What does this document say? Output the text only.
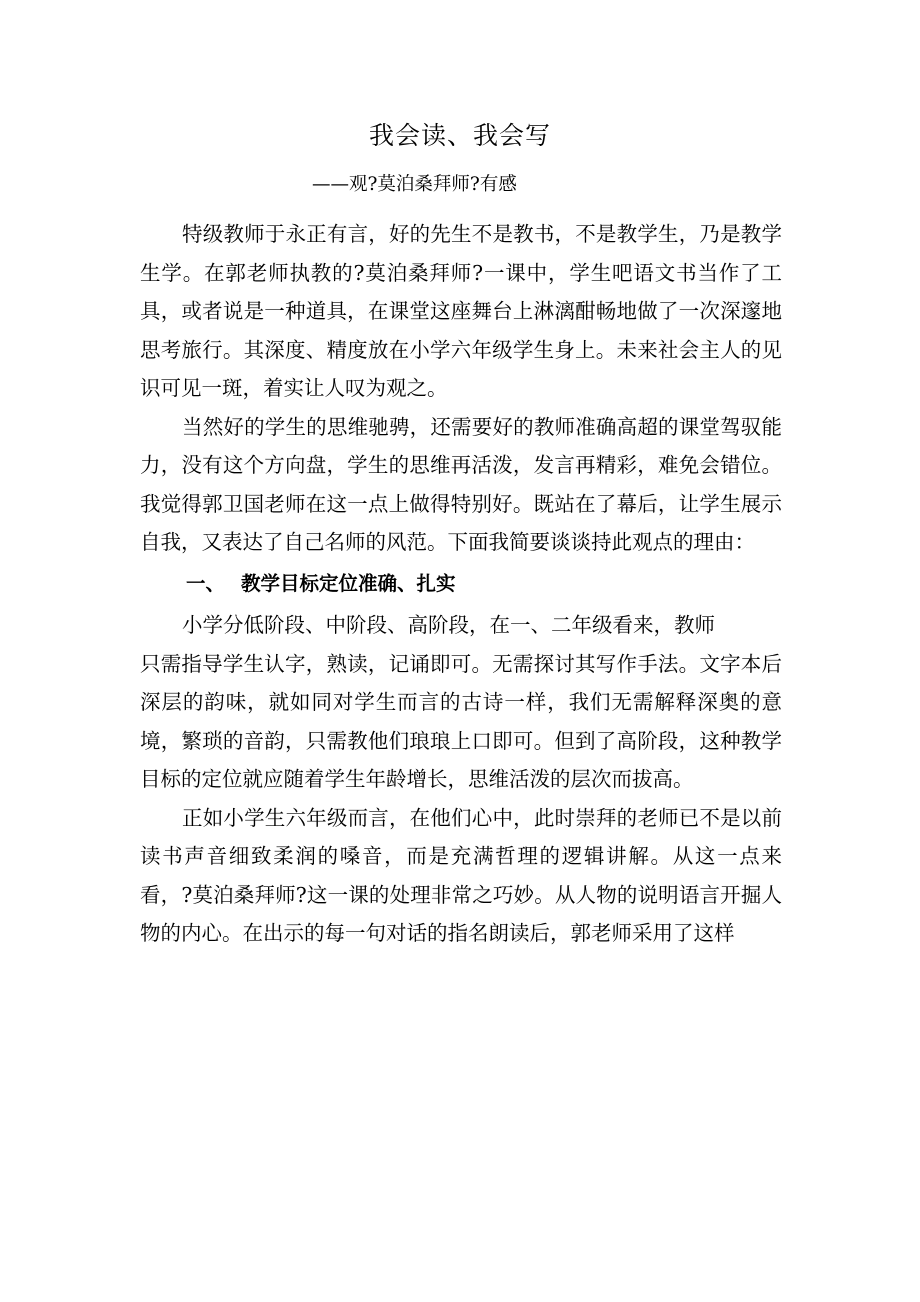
我会读、我会写
——观?莫泊桑拜师?有感

特级教师于永正有言，好的先生不是教书，不是教学生，乃是教学生学。在郭老师执教的?莫泊桑拜师?一课中，学生吧语文书当作了工具，或者说是一种道具，在课堂这座舞台上淋漓酣畅地做了一次深邃地思考旅行。其深度、精度放在小学六年级学生身上。未来社会主人的见识可见一斑，着实让人叹为观之。

当然好的学生的思维驰骋，还需要好的教师准确高超的课堂驾驭能力，没有这个方向盘，学生的思维再活泼，发言再精彩，难免会错位。我觉得郭卫国老师在这一点上做得特别好。既站在了幕后，让学生展示自我，又表达了自己名师的风范。下面我简要谈谈持此观点的理由：

一、 教学目标定位准确、扎实
小学分低阶段、中阶段、高阶段，在一、二年级看来，教师
只需指导学生认字，熟读，记诵即可。无需探讨其写作手法。文字本后深层的韵味，就如同对学生而言的古诗一样，我们无需解释深奥的意境，繁琐的音韵，只需教他们琅琅上口即可。但到了高阶段，这种教学目标的定位就应随着学生年龄增长，思维活泼的层次而拔高。

正如小学生六年级而言，在他们心中，此时崇拜的老师已不是以前读书声音细致柔润的嗓音，而是充满哲理的逻辑讲解。从这一点来看，?莫泊桑拜师?这一课的处理非常之巧妙。从人物的说明语言开掘人物的内心。在出示的每一句对话的指名朗读后，郭老师采用了这样
